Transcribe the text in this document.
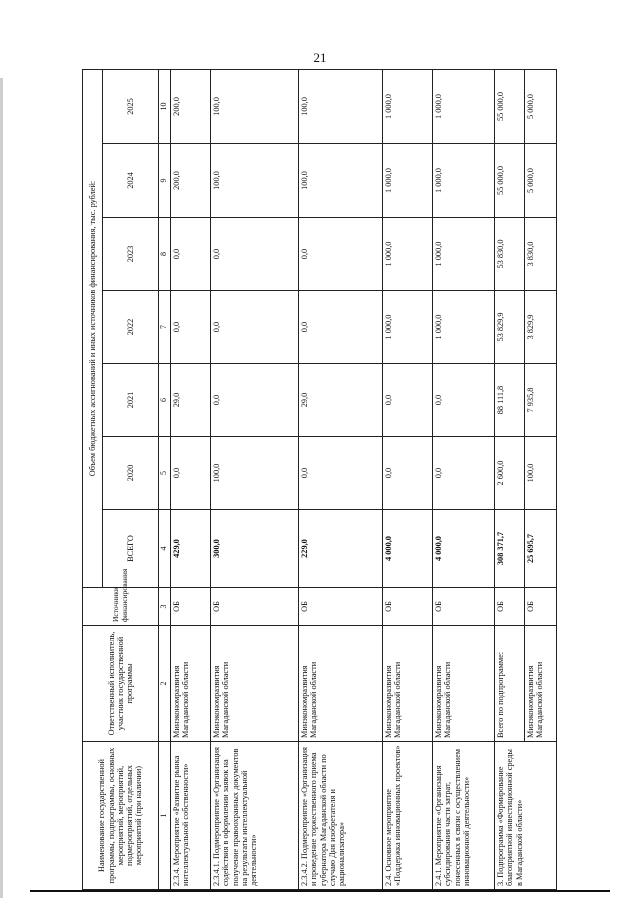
21
Наименование государственной программы, подпрограммы, основных мероприятий, мероприятий, подмероприятий, отдельных мероприятий (при наличии)	Ответственный исполнитель, участник государственной программы	Источники финансирования	Объем бюджетных ассигнований и иных источников финансирования, тыс. рублей:						
			ВСЕГО	2020	2021	2022	2023	2024	2025
1	2	3	4	5	6	7	8	9	10
2.3.4. Мероприятие «Развитие рынка интеллектуальной собственности»	Минэкономразвития Магаданской области	ОБ	429,0	0,0	29,0	0,0	0,0	200,0	200,0
2.3.4.1. Подмероприятие «Организация содействия в оформлении заявок на получение правоохранных документов на результаты интеллектуальной деятельности»	Минэкономразвития Магаданской области	ОБ	300,0	100,0	0,0	0,0	0,0	100,0	100,0
2.3.4.2. Подмероприятие «Организация и проведение торжественного приема губернатора Магаданской области по случаю Дня изобретателя и рационализатора»	Минэкономразвития Магаданской области	ОБ	229,0	0,0	29,0	0,0	0,0	100,0	100,0
2.4. Основное мероприятие «Поддержка инновационных проектов»	Минэкономразвития Магаданской области	ОБ	4 000,0	0,0	0,0	1 000,0	1 000,0	1 000,0	1 000,0
2.4.1. Мероприятие «Организация субсидирования части затрат, понесенных в связи с осуществлением инновационной деятельности»	Минэкономразвития Магаданской области	ОБ	4 000,0	0,0	0,0	1 000,0	1 000,0	1 000,0	1 000,0
3. Подпрограмма «Формирование благоприятной инвестиционной среды в Магаданской области»	Всего по подпрограмме:	ОБ	308 371,7	2 600,0	88 111,8	53 829,9	53 830,0	55 000,0	55 000,0
	Минэкономразвития Магаданской области	ОБ	25 695,7	100,0	7 935,8	3 829,9	3 830,0	5 000,0	5 000,0
